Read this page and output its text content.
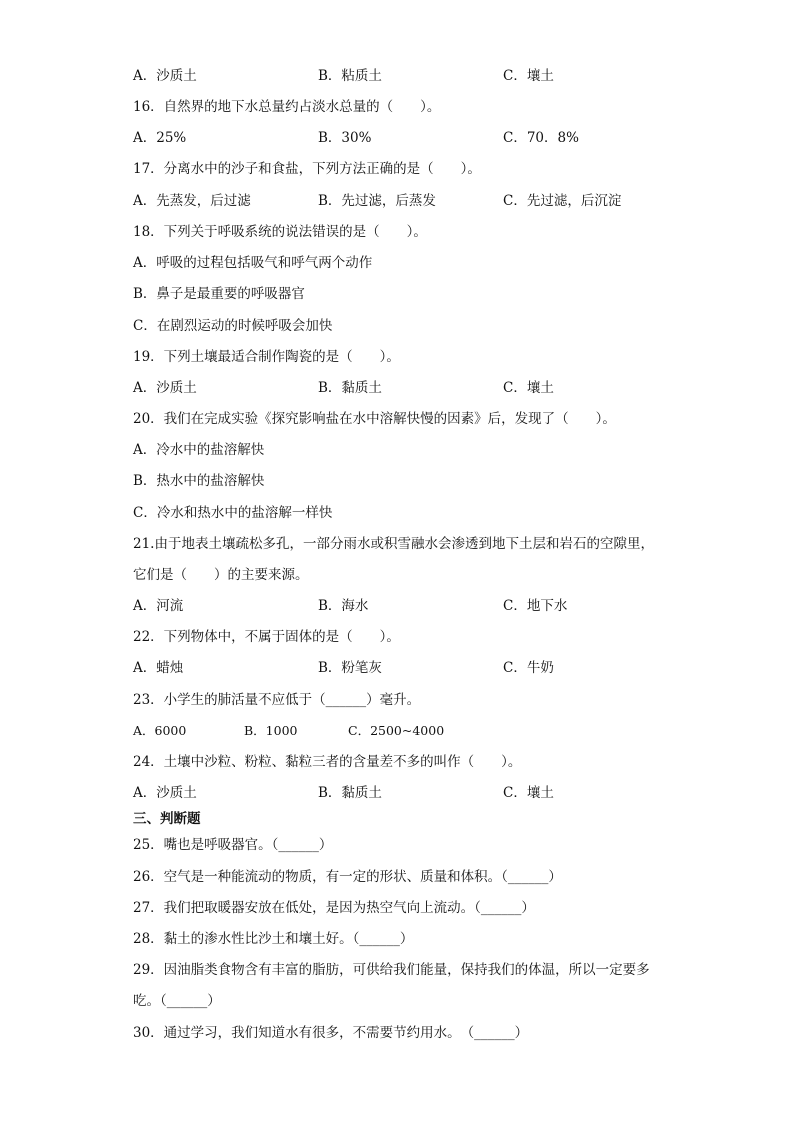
A．沙质土	B．粘质土	C．壤土
16．自然界的地下水总量约占淡水总量的（　　）。
A．25%	B．30%	C．70．8%
17．分离水中的沙子和食盐，下列方法正确的是（　　）。
A．先蒸发，后过滤	B．先过滤，后蒸发	C．先过滤，后沉淀
18．下列关于呼吸系统的说法错误的是（　　）。
A．呼吸的过程包括吸气和呼气两个动作
B．鼻子是最重要的呼吸器官
C．在剧烈运动的时候呼吸会加快
19．下列土壤最适合制作陶瓷的是（　　）。
A．沙质土	B．黏质土	C．壤土
20．我们在完成实验《探究影响盐在水中溶解快慢的因素》后，发现了（　　）。
A．冷水中的盐溶解快
B．热水中的盐溶解快
C．冷水和热水中的盐溶解一样快
21.由于地表土壤疏松多孔，一部分雨水或积雪融水会渗透到地下土层和岩石的空隙里，
它们是（　　）的主要来源。
A．河流	B．海水	C．地下水
22．下列物体中，不属于固体的是（　　）。
A．蜡烛	B．粉笔灰	C．牛奶
23．小学生的肺活量不应低于（______）毫升。
A．6000	B．1000	C．2500~4000
24．土壤中沙粒、粉粒、黏粒三者的含量差不多的叫作（　　）。
A．沙质土	B．黏质土	C．壤土
三、判断题
25．嘴也是呼吸器官。（______）
26．空气是一种能流动的物质，有一定的形状、质量和体积。（______）
27．我们把取暖器安放在低处，是因为热空气向上流动。（______）
28．黏土的渗水性比沙土和壤土好。（______）
29．因油脂类食物含有丰富的脂肪，可供给我们能量，保持我们的体温，所以一定要多
吃。（______）
30．通过学习，我们知道水有很多，不需要节约用水。　（______）
